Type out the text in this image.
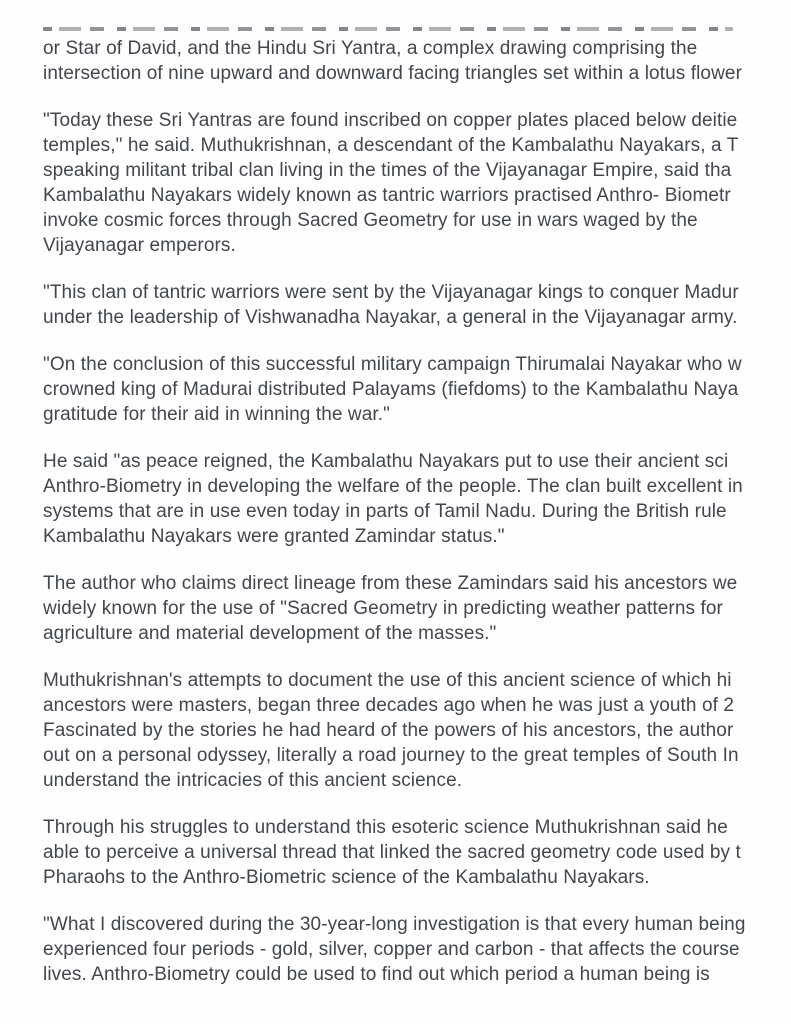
or Star of David, and the Hindu Sri Yantra, a complex drawing comprising the
intersection of nine upward and downward facing triangles set within a lotus flower

"Today these Sri Yantras are found inscribed on copper plates placed below deitie
temples," he said. Muthukrishnan, a descendant of the Kambalathu Nayakars, a T
speaking militant tribal clan living in the times of the Vijayanagar Empire, said tha
Kambalathu Nayakars widely known as tantric warriors practised Anthro- Biometr
invoke cosmic forces through Sacred Geometry for use in wars waged by the
Vijayanagar emperors.

"This clan of tantric warriors were sent by the Vijayanagar kings to conquer Madur
under the leadership of Vishwanadha Nayakar, a general in the Vijayanagar army.

"On the conclusion of this successful military campaign Thirumalai Nayakar who w
crowned king of Madurai distributed Palayams (fiefdoms) to the Kambalathu Naya
gratitude for their aid in winning the war."

He said "as peace reigned, the Kambalathu Nayakars put to use their ancient sci
Anthro-Biometry in developing the welfare of the people. The clan built excellent in
systems that are in use even today in parts of Tamil Nadu. During the British rule
Kambalathu Nayakars were granted Zamindar status."

The author who claims direct lineage from these Zamindars said his ancestors we
widely known for the use of "Sacred Geometry in predicting weather patterns for
agriculture and material development of the masses."

Muthukrishnan's attempts to document the use of this ancient science of which hi
ancestors were masters, began three decades ago when he was just a youth of 2
Fascinated by the stories he had heard of the powers of his ancestors, the author
out on a personal odyssey, literally a road journey to the great temples of South In
understand the intricacies of this ancient science.

Through his struggles to understand this esoteric science Muthukrishnan said he
able to perceive a universal thread that linked the sacred geometry code used by t
Pharaohs to the Anthro-Biometric science of the Kambalathu Nayakars.

"What I discovered during the 30-year-long investigation is that every human being
experienced four periods - gold, silver, copper and carbon - that affects the course
lives. Anthro-Biometry could be used to find out which period a human being is
